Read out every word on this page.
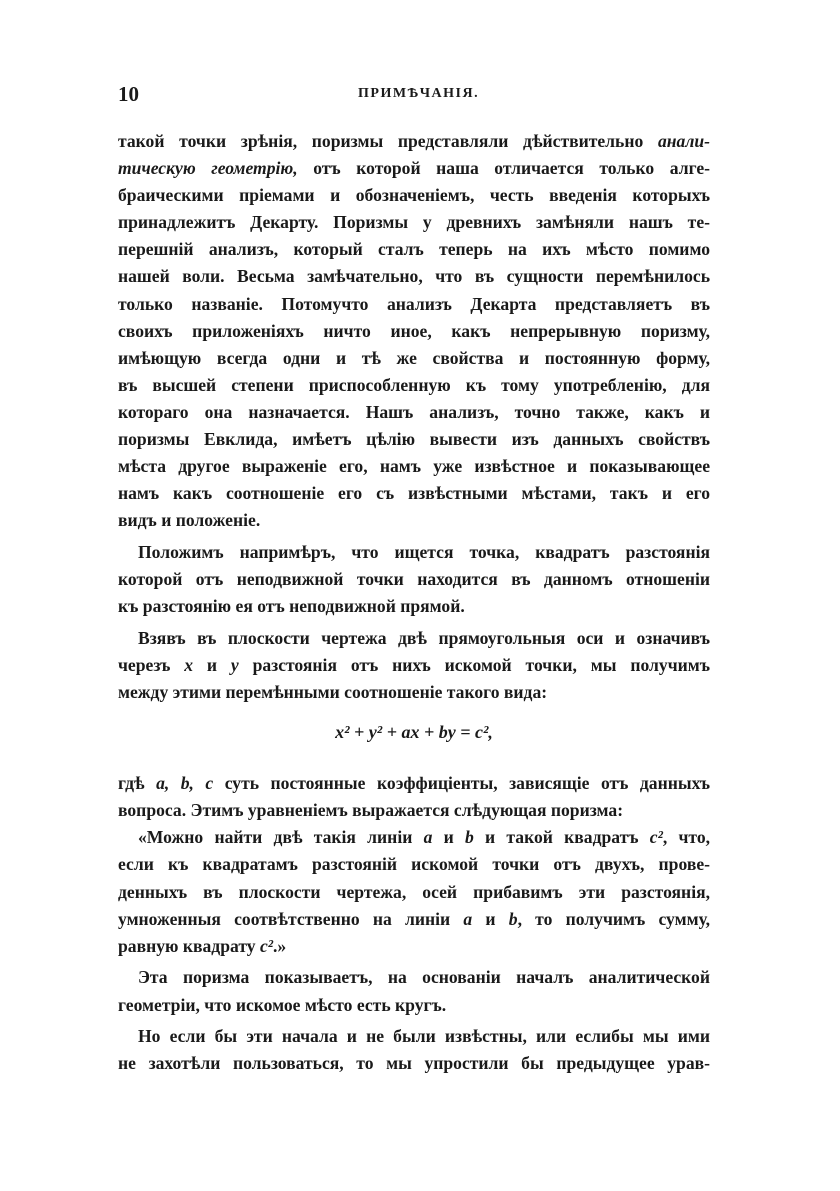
10	ПРИМѢЧАНІЯ.
такой точки зрѣнія, поризмы представляли дѣйствительно анали-
тическую геометрію, отъ которой наша отличается только алге-
браическими пріемами и обозначеніемъ, честь введенія которыхъ
принадлежитъ Декарту. Поризмы у древнихъ замѣняли нашъ те-
перешній анализъ, который сталъ теперь на ихъ мѣсто помимо
нашей воли. Весьма замѣчательно, что въ сущности перемѣнилось
только названіе. Потомучто анализъ Декарта представляетъ въ
своихъ приложеніяхъ ничто иное, какъ непрерывную поризму,
имѣющую всегда одни и тѣ же свойства и постоянную форму,
въ высшей степени приспособленную къ тому употребленію, для
котораго она назначается. Нашъ анализъ, точно также, какъ и
поризмы Евклида, имѣетъ цѣлію вывести изъ данныхъ свойствъ
мѣста другое выраженіе его, намъ уже извѣстное и показывающее
намъ какъ соотношеніе его съ извѣстными мѣстами, такъ и его
видъ и положеніе.
Положимъ напримѣръ, что ищется точка, квадратъ разстоянія
которой отъ неподвижной точки находится въ данномъ отношеніи
къ разстоянію ея отъ неподвижной прямой.
Взявъ въ плоскости чертежа двѣ прямоугольныя оси и означивъ
черезъ x и y разстоянія отъ нихъ искомой точки, мы получимъ
между этими перемѣнными соотношеніе такого вида:
x² + y² + ax + by = c²,
гдѣ a, b, c суть постоянные коэффиціенты, зависящіе отъ данныхъ
вопроса. Этимъ уравненіемъ выражается слѣдующая поризма:
«Можно найти двѣ такія линіи a и b и такой квадратъ c², что,
если къ квадратамъ разстояній искомой точки отъ двухъ, прове-
денныхъ въ плоскости чертежа, осей прибавимъ эти разстоянія,
умноженныя соотвѣтственно на линіи a и b, то получимъ сумму,
равную квадрату c².»
Эта поризма показываетъ, на основаніи началъ аналитической
геометріи, что искомое мѣсто есть кругъ.
Но если бы эти начала и не были извѣстны, или еслибы мы ими
не захотѣли пользоваться, то мы упростили бы предыдущее урав-
